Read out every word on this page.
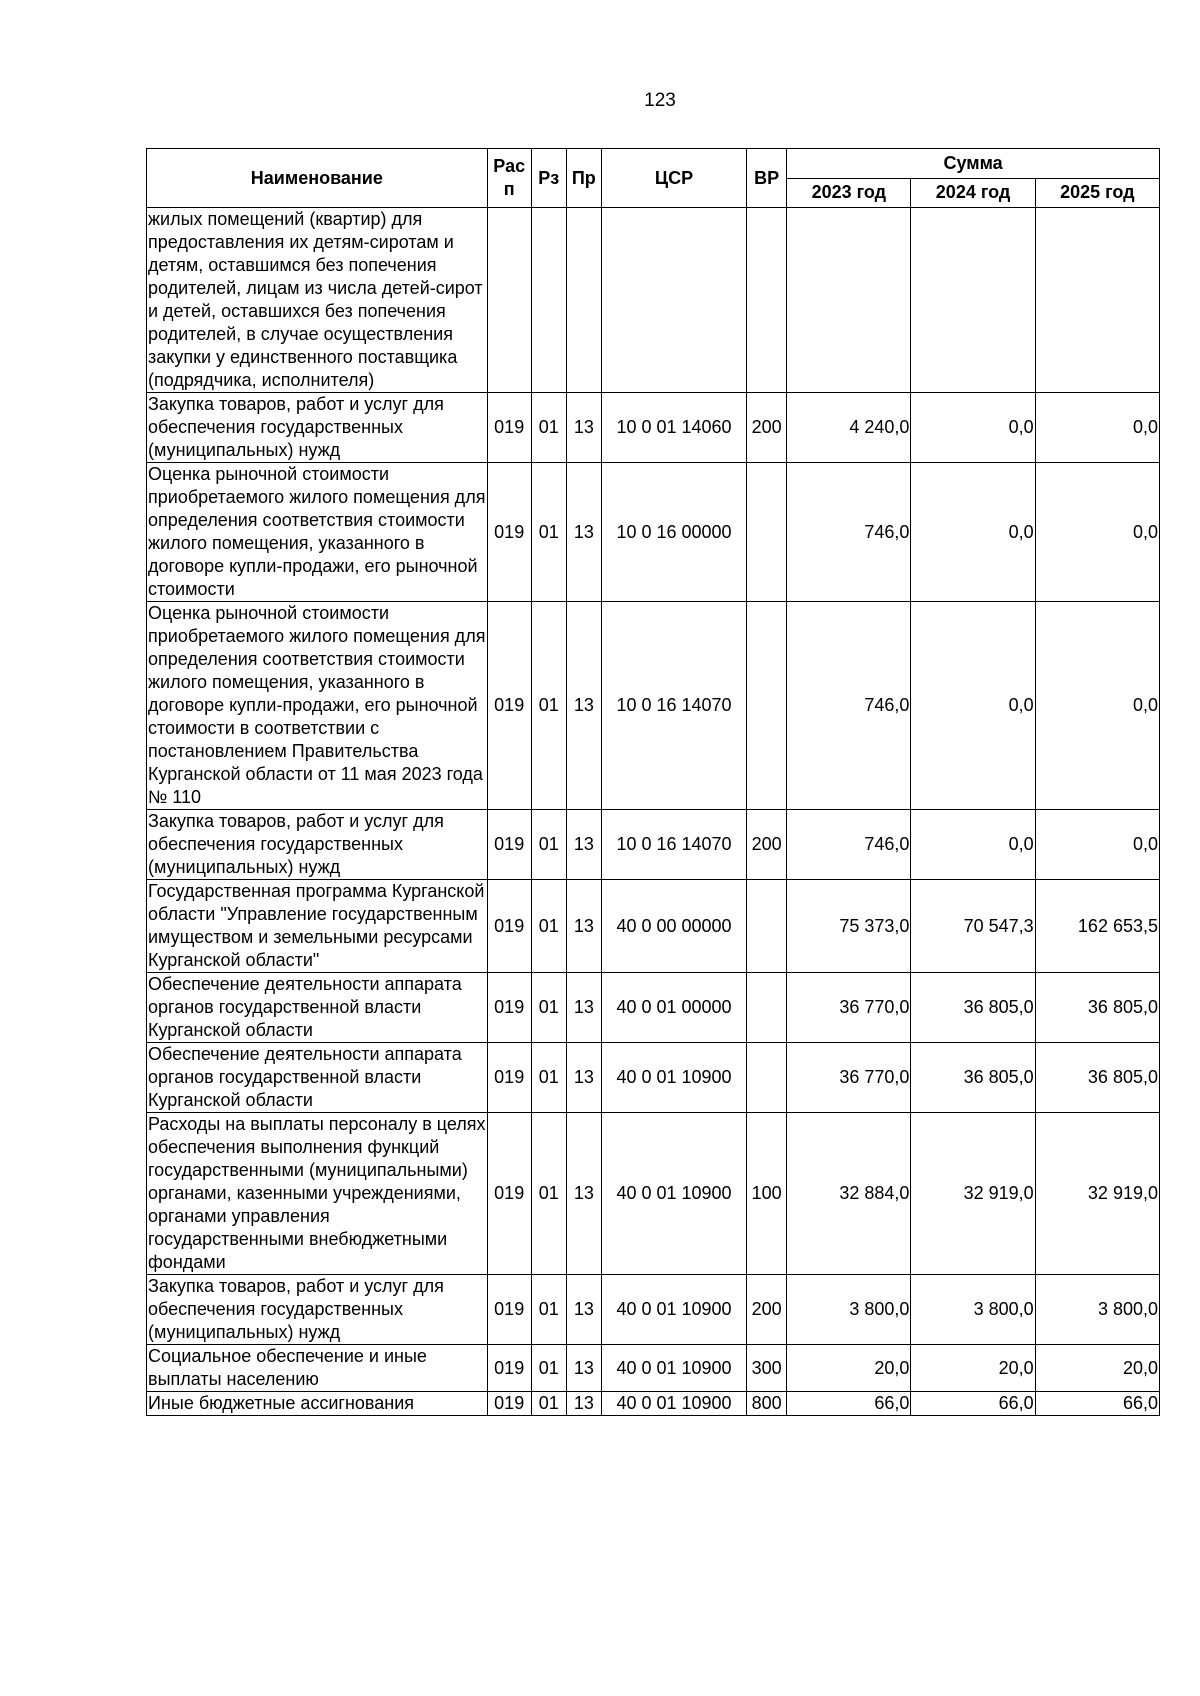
123
Наименование	Рас п	Рз	Пр	ЦСР	ВР	Сумма		
						2023 год	2024 год	2025 год
жилых помещений (квартир) для предоставления их детям-сиротам и детям, оставшимся без попечения родителей, лицам из числа детей-сирот и детей, оставшихся без попечения родителей, в случае осуществления закупки у единственного поставщика (подрядчика, исполнителя)								
Закупка товаров, работ и услуг для обеспечения государственных (муниципальных) нужд	019	01	13	10 0 01 14060	200	4 240,0	0,0	0,0
Оценка рыночной стоимости приобретаемого жилого помещения для определения соответствия стоимости жилого помещения, указанного в договоре купли-продажи, его рыночной стоимости	019	01	13	10 0 16 00000		746,0	0,0	0,0
Оценка рыночной стоимости приобретаемого жилого помещения для определения соответствия стоимости жилого помещения, указанного в договоре купли-продажи, его рыночной стоимости в соответствии с постановлением Правительства Курганской области от 11 мая 2023 года № 110	019	01	13	10 0 16 14070		746,0	0,0	0,0
Закупка товаров, работ и услуг для обеспечения государственных (муниципальных) нужд	019	01	13	10 0 16 14070	200	746,0	0,0	0,0
Государственная программа Курганской области "Управление государственным имуществом и земельными ресурсами Курганской области"	019	01	13	40 0 00 00000		75 373,0	70 547,3	162 653,5
Обеспечение деятельности аппарата органов государственной власти Курганской области	019	01	13	40 0 01 00000		36 770,0	36 805,0	36 805,0
Обеспечение деятельности аппарата органов государственной власти Курганской области	019	01	13	40 0 01 10900		36 770,0	36 805,0	36 805,0
Расходы на выплаты персоналу в целях обеспечения выполнения функций государственными (муниципальными) органами, казенными учреждениями, органами управления государственными внебюджетными фондами	019	01	13	40 0 01 10900	100	32 884,0	32 919,0	32 919,0
Закупка товаров, работ и услуг для обеспечения государственных (муниципальных) нужд	019	01	13	40 0 01 10900	200	3 800,0	3 800,0	3 800,0
Социальное обеспечение и иные выплаты населению	019	01	13	40 0 01 10900	300	20,0	20,0	20,0
Иные бюджетные ассигнования	019	01	13	40 0 01 10900	800	66,0	66,0	66,0
